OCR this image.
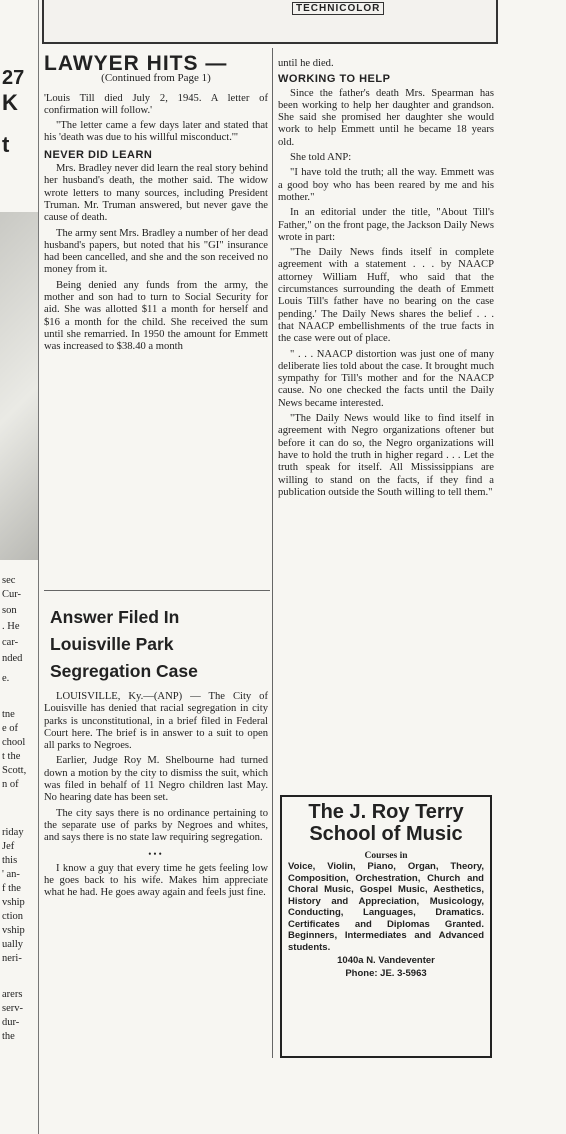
27
K
t
sec
Cur-
son
. He
car-
nded
e.
tne
e of
chool
t the
Scott,
n of
riday
Jef
this
' an-
f the
vship
ction
vship
ually
neri-
arers
serv-
dur-
the
TECHNICOLOR
LAWYER HITS —
(Continued from Page 1)

'Louis Till died July 2, 1945. A letter of confirmation will follow.'

"The letter came a few days later and stated that his 'death was due to his willful misconduct.'"

NEVER DID LEARN

Mrs. Bradley never did learn the real story behind her husband's death, the mother said. The widow wrote letters to many sources, including President Truman. Mr. Truman answered, but never gave the cause of death.

The army sent Mrs. Bradley a number of her dead husband's papers, but noted that his "GI" insurance had been cancelled, and she and the son received no money from it.

Being denied any funds from the army, the mother and son had to turn to Social Security for aid. She was allotted $11 a month for herself and $16 a month for the child. She received the sum until she remarried. In 1950 the amount for Emmett was increased to $38.40 a month

until he died.

WORKING TO HELP

Since the father's death Mrs. Spearman has been working to help her daughter and grandson. She said she promised her daughter she would work to help Emmett until he became 18 years old.

She told ANP:

"I have told the truth; all the way. Emmett was a good boy who has been reared by me and his mother."

In an editorial under the title, "About Till's Father," on the front page, the Jackson Daily News wrote in part:

"The Daily News finds itself in complete agreement with a statement . . . by NAACP attorney William Huff, who said that the circumstances surrounding the death of Emmett Louis Till's father have no bearing on the case pending.' The Daily News shares the belief . . . that NAACP embellishments of the true facts in the case were out of place.

" . . . NAACP distortion was just one of many deliberate lies told about the case. It brought much sympathy for Till's mother and for the NAACP cause. No one checked the facts until the Daily News became interested.

"The Daily News would like to find itself in agreement with Negro organizations oftener but before it can do so, the Negro organizations will have to hold the truth in higher regard . . . Let the truth speak for itself. All Mississippians are willing to stand on the facts, if they find a publication outside the South willing to tell them."

Answer Filed In
Louisville Park
Segregation Case

LOUISVILLE, Ky.—(ANP) — The City of Louisville has denied that racial segregation in city parks is unconstitutional, in a brief filed in Federal Court here. The brief is in answer to a suit to open all parks to Negroes.

Earlier, Judge Roy M. Shelbourne had turned down a motion by the city to dismiss the suit, which was filed in behalf of 11 Negro children last May. No hearing date has been set.

The city says there is no ordinance pertaining to the separate use of parks by Negroes and whites, and says there is no state law requiring segregation.

•••

I know a guy that every time he gets feeling low he goes back to his wife. Makes him appreciate what he had. He goes away again and feels just fine.

The J. Roy Terry
School of Music

Courses in

Voice, Violin, Piano, Organ, Theory, Composition, Orchestration, Church and Choral Music, Gospel Music, Aesthetics, History and Appreciation, Musicology, Conducting, Languages, Dramatics. Certificates and Diplomas Granted. Beginners, Intermediates and Advanced students.

1040a N. Vandeventer

Phone: JE. 3-5963
